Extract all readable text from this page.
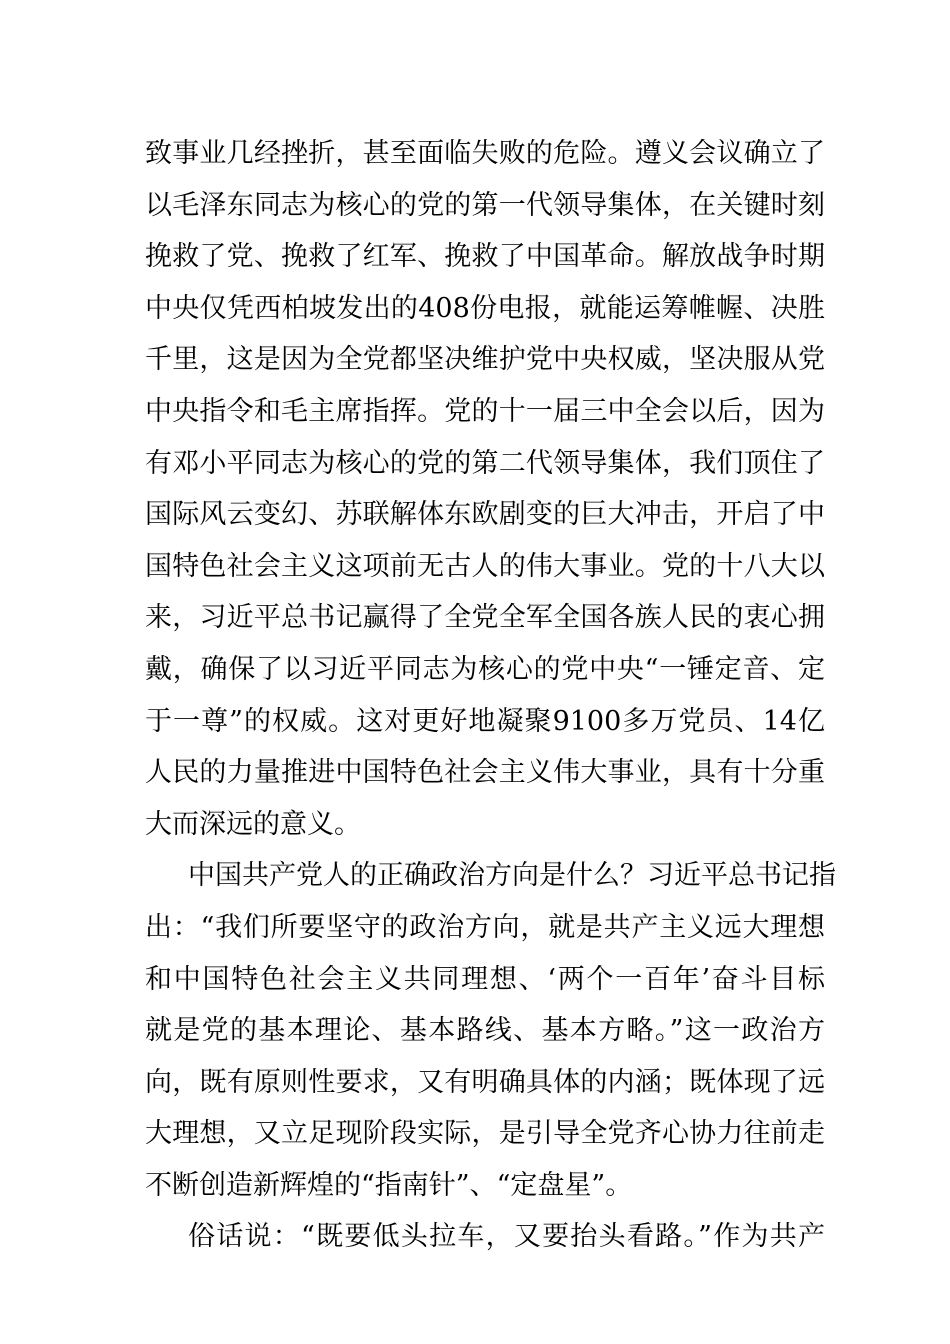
致事业几经挫折，甚至面临失败的危险。遵义会议确立了
以毛泽东同志为核心的党的第一代领导集体，在关键时刻
挽救了党、挽救了红军、挽救了中国革命。解放战争时期
中央仅凭西柏坡发出的408份电报，就能运筹帷幄、决胜
千里，这是因为全党都坚决维护党中央权威，坚决服从党
中央指令和毛主席指挥。党的十一届三中全会以后，因为
有邓小平同志为核心的党的第二代领导集体，我们顶住了
国际风云变幻、苏联解体东欧剧变的巨大冲击，开启了中
国特色社会主义这项前无古人的伟大事业。党的十八大以
来，习近平总书记赢得了全党全军全国各族人民的衷心拥
戴，确保了以习近平同志为核心的党中央“一锤定音、定
于一尊”的权威。这对更好地凝聚9100多万党员、14亿
人民的力量推进中国特色社会主义伟大事业，具有十分重
大而深远的意义。
中国共产党人的正确政治方向是什么？习近平总书记指
出：“我们所要坚守的政治方向，就是共产主义远大理想
和中国特色社会主义共同理想、‘两个一百年’奋斗目标
就是党的基本理论、基本路线、基本方略。”这一政治方
向，既有原则性要求，又有明确具体的内涵；既体现了远
大理想，又立足现阶段实际，是引导全党齐心协力往前走
不断创造新辉煌的“指南针”、“定盘星”。
俗话说：“既要低头拉车，又要抬头看路。”作为共产
